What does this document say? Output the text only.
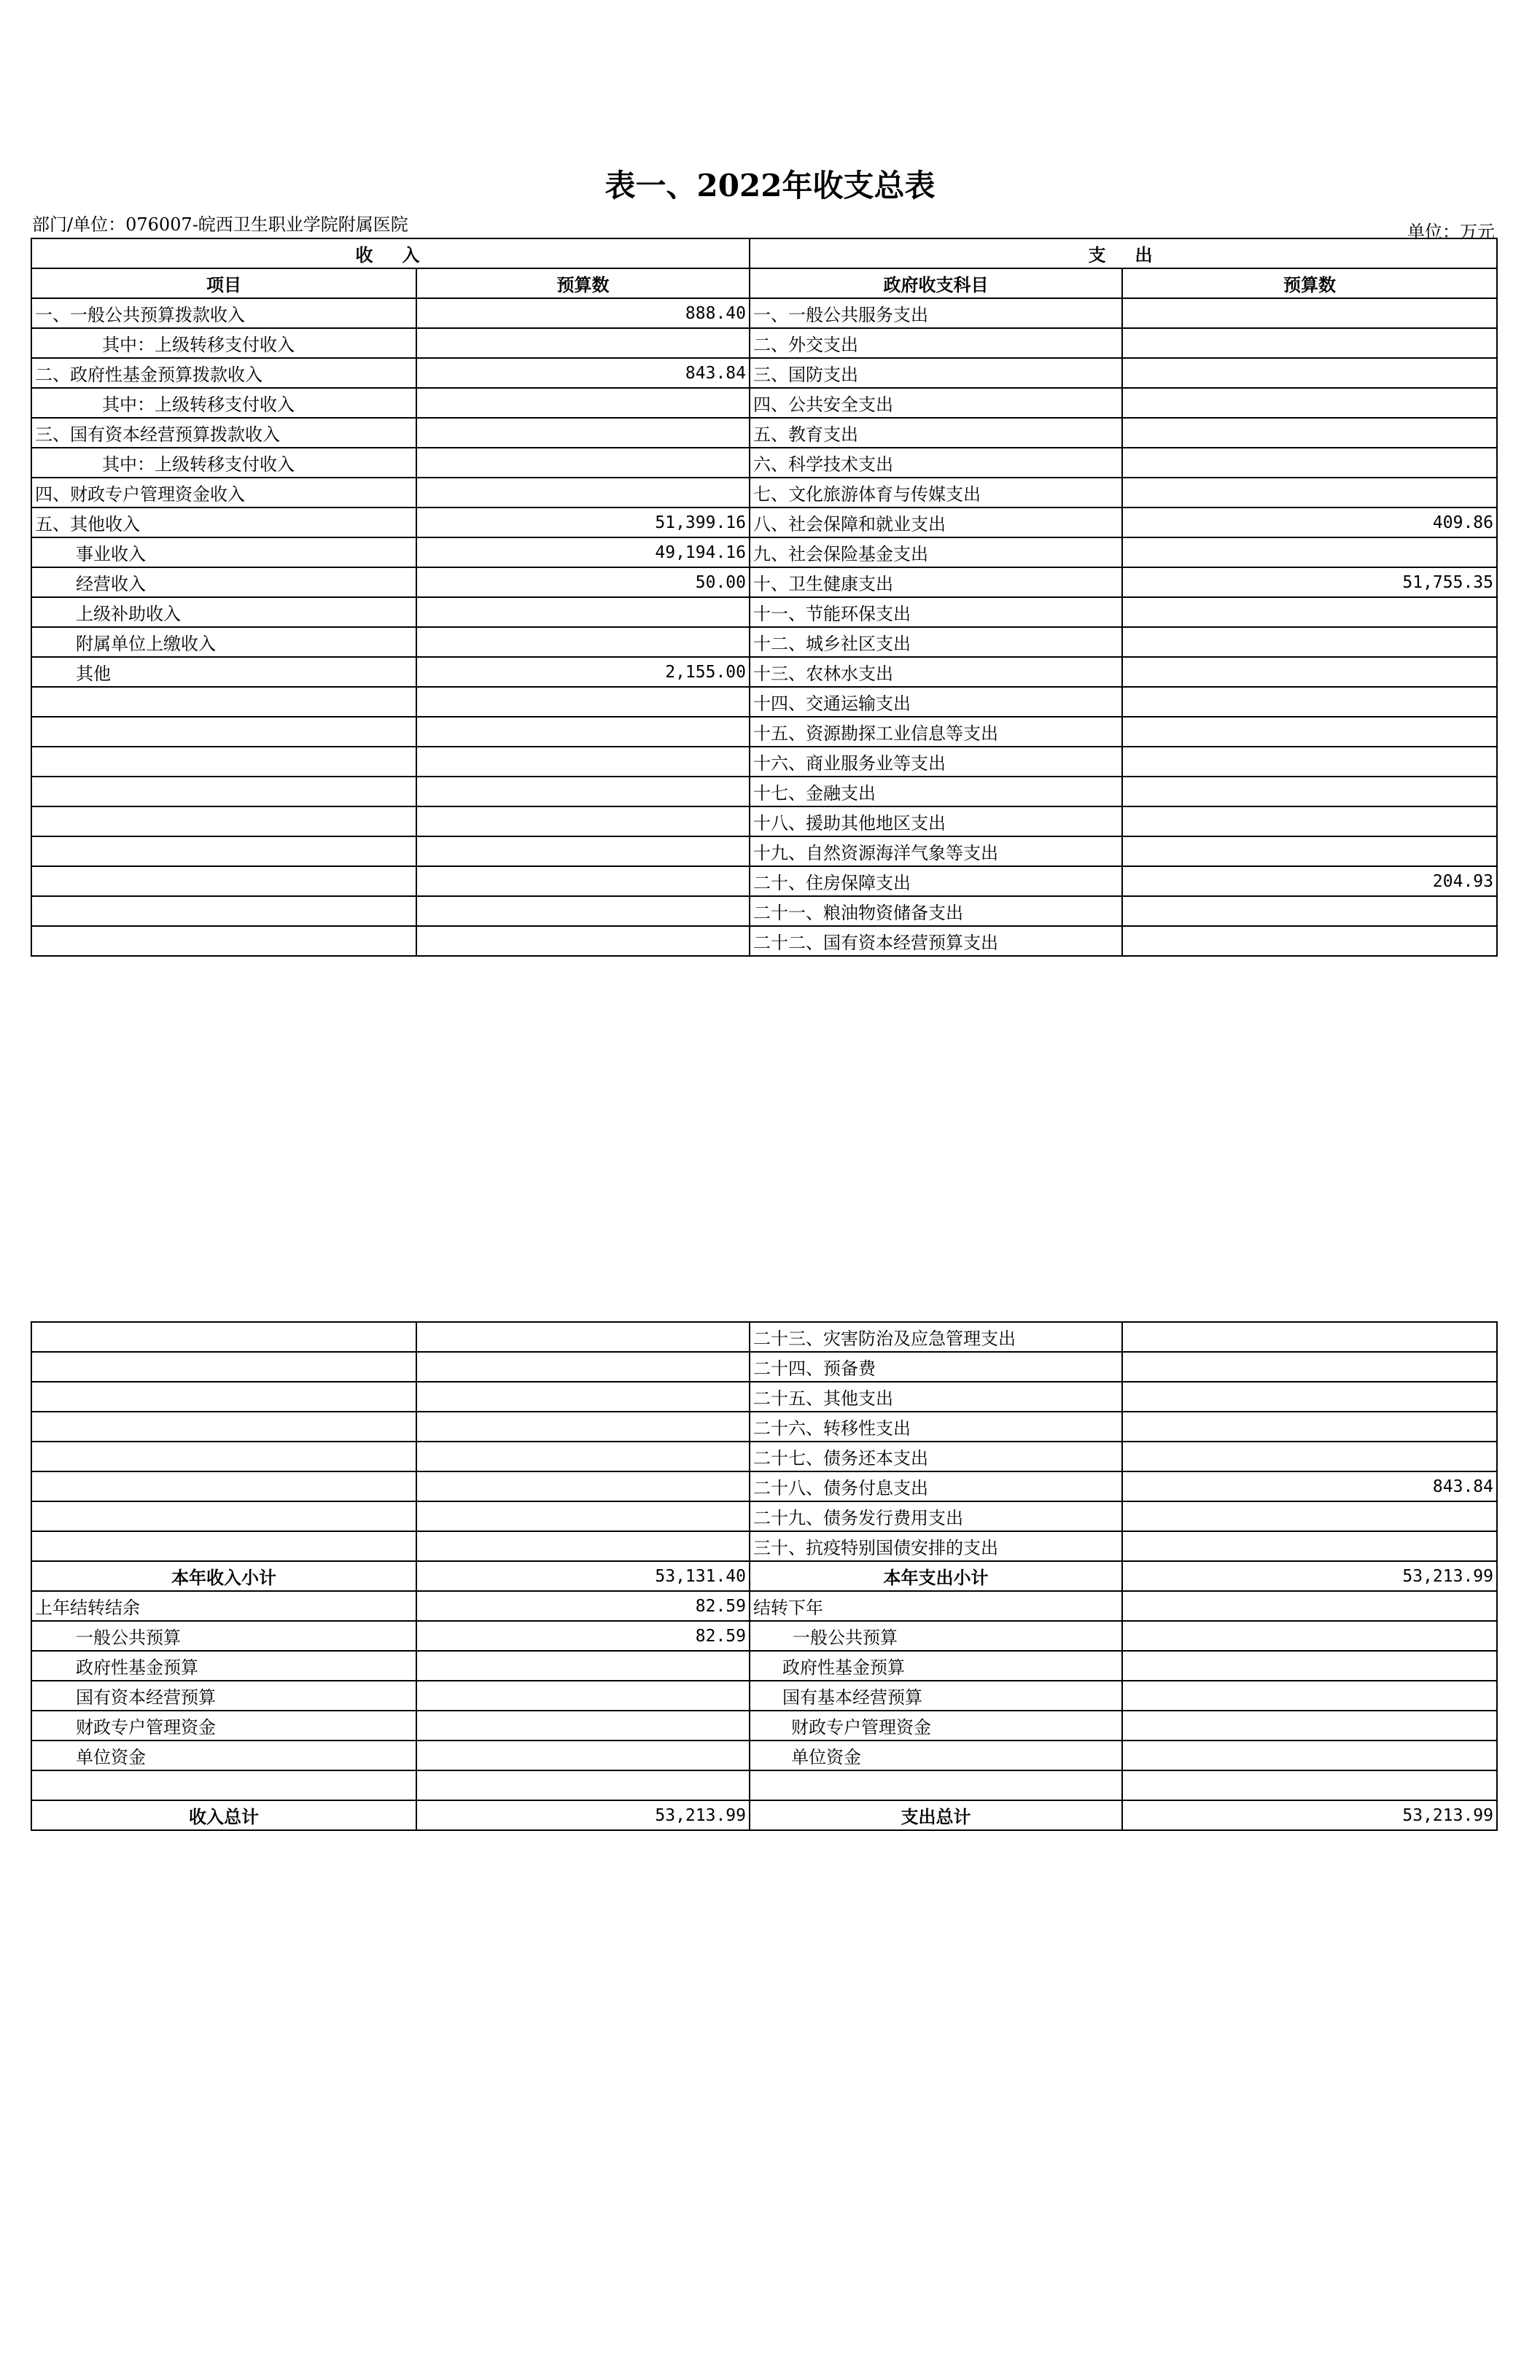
表一、2022年收支总表
部门/单位：076007-皖西卫生职业学院附属医院	单位：万元
收　入		支　出	
项目	预算数	政府收支科目	预算数
一、一般公共预算拨款收入	888.40	一、一般公共服务支出	
其中：上级转移支付收入		二、外交支出	
二、政府性基金预算拨款收入	843.84	三、国防支出	
其中：上级转移支付收入		四、公共安全支出	
三、国有资本经营预算拨款收入		五、教育支出	
其中：上级转移支付收入		六、科学技术支出	
四、财政专户管理资金收入		七、文化旅游体育与传媒支出	
五、其他收入	51,399.16	八、社会保障和就业支出	409.86
事业收入	49,194.16	九、社会保险基金支出	
经营收入	50.00	十、卫生健康支出	51,755.35
上级补助收入		十一、节能环保支出	
附属单位上缴收入		十二、城乡社区支出	
其他	2,155.00	十三、农林水支出	
		十四、交通运输支出	
		十五、资源勘探工业信息等支出	
		十六、商业服务业等支出	
		十七、金融支出	
		十八、援助其他地区支出	
		十九、自然资源海洋气象等支出	
		二十、住房保障支出	204.93
		二十一、粮油物资储备支出	
		二十二、国有资本经营预算支出	
		二十三、灾害防治及应急管理支出	
		二十四、预备费	
		二十五、其他支出	
		二十六、转移性支出	
		二十七、债务还本支出	
		二十八、债务付息支出	843.84
		二十九、债务发行费用支出	
		三十、抗疫特别国债安排的支出	
本年收入小计	53,131.40	本年支出小计	53,213.99
上年结转结余	82.59	结转下年	
一般公共预算	82.59	一般公共预算	
政府性基金预算		政府性基金预算	
国有资本经营预算		国有基本经营预算	
财政专户管理资金		财政专户管理资金	
单位资金		单位资金	

收入总计	53,213.99	支出总计	53,213.99
